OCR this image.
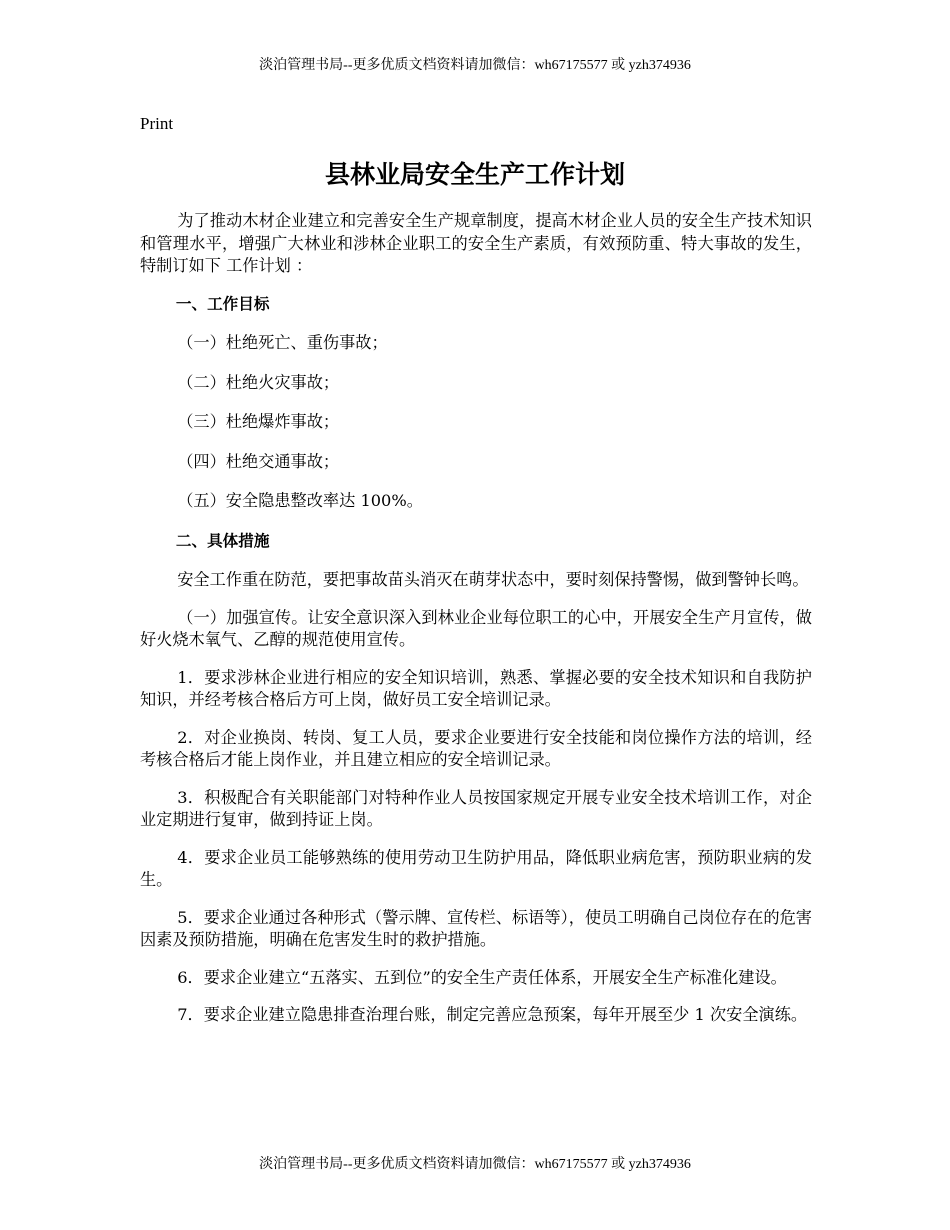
淡泊管理书局--更多优质文档资料请加微信：wh67175577 或 yzh374936
Print
县林业局安全生产工作计划

为了推动木材企业建立和完善安全生产规章制度，提高木材企业人员的安全生产技术知识和管理水平，增强广大林业和涉林企业职工的安全生产素质，有效预防重、特大事故的发生，特制订如下 工作计划 ：

一、工作目标

（一）杜绝死亡、重伤事故；

（二）杜绝火灾事故；

（三）杜绝爆炸事故；

（四）杜绝交通事故；

（五）安全隐患整改率达 100%。

二、具体措施

安全工作重在防范，要把事故苗头消灭在萌芽状态中，要时刻保持警惕，做到警钟长鸣。

（一）加强宣传。让安全意识深入到林业企业每位职工的心中，开展安全生产月宣传，做好火烧木氧气、乙醇的规范使用宣传。

1．要求涉林企业进行相应的安全知识培训，熟悉、掌握必要的安全技术知识和自我防护知识，并经考核合格后方可上岗，做好员工安全培训记录。

2．对企业换岗、转岗、复工人员，要求企业要进行安全技能和岗位操作方法的培训，经考核合格后才能上岗作业，并且建立相应的安全培训记录。

3．积极配合有关职能部门对特种作业人员按国家规定开展专业安全技术培训工作，对企业定期进行复审，做到持证上岗。

4．要求企业员工能够熟练的使用劳动卫生防护用品，降低职业病危害，预防职业病的发生。

5．要求企业通过各种形式（警示牌、宣传栏、标语等），使员工明确自己岗位存在的危害因素及预防措施，明确在危害发生时的救护措施。

6．要求企业建立“五落实、五到位”的安全生产责任体系，开展安全生产标准化建设。

7．要求企业建立隐患排查治理台账，制定完善应急预案，每年开展至少 1 次安全演练。

淡泊管理书局--更多优质文档资料请加微信：wh67175577 或 yzh374936
